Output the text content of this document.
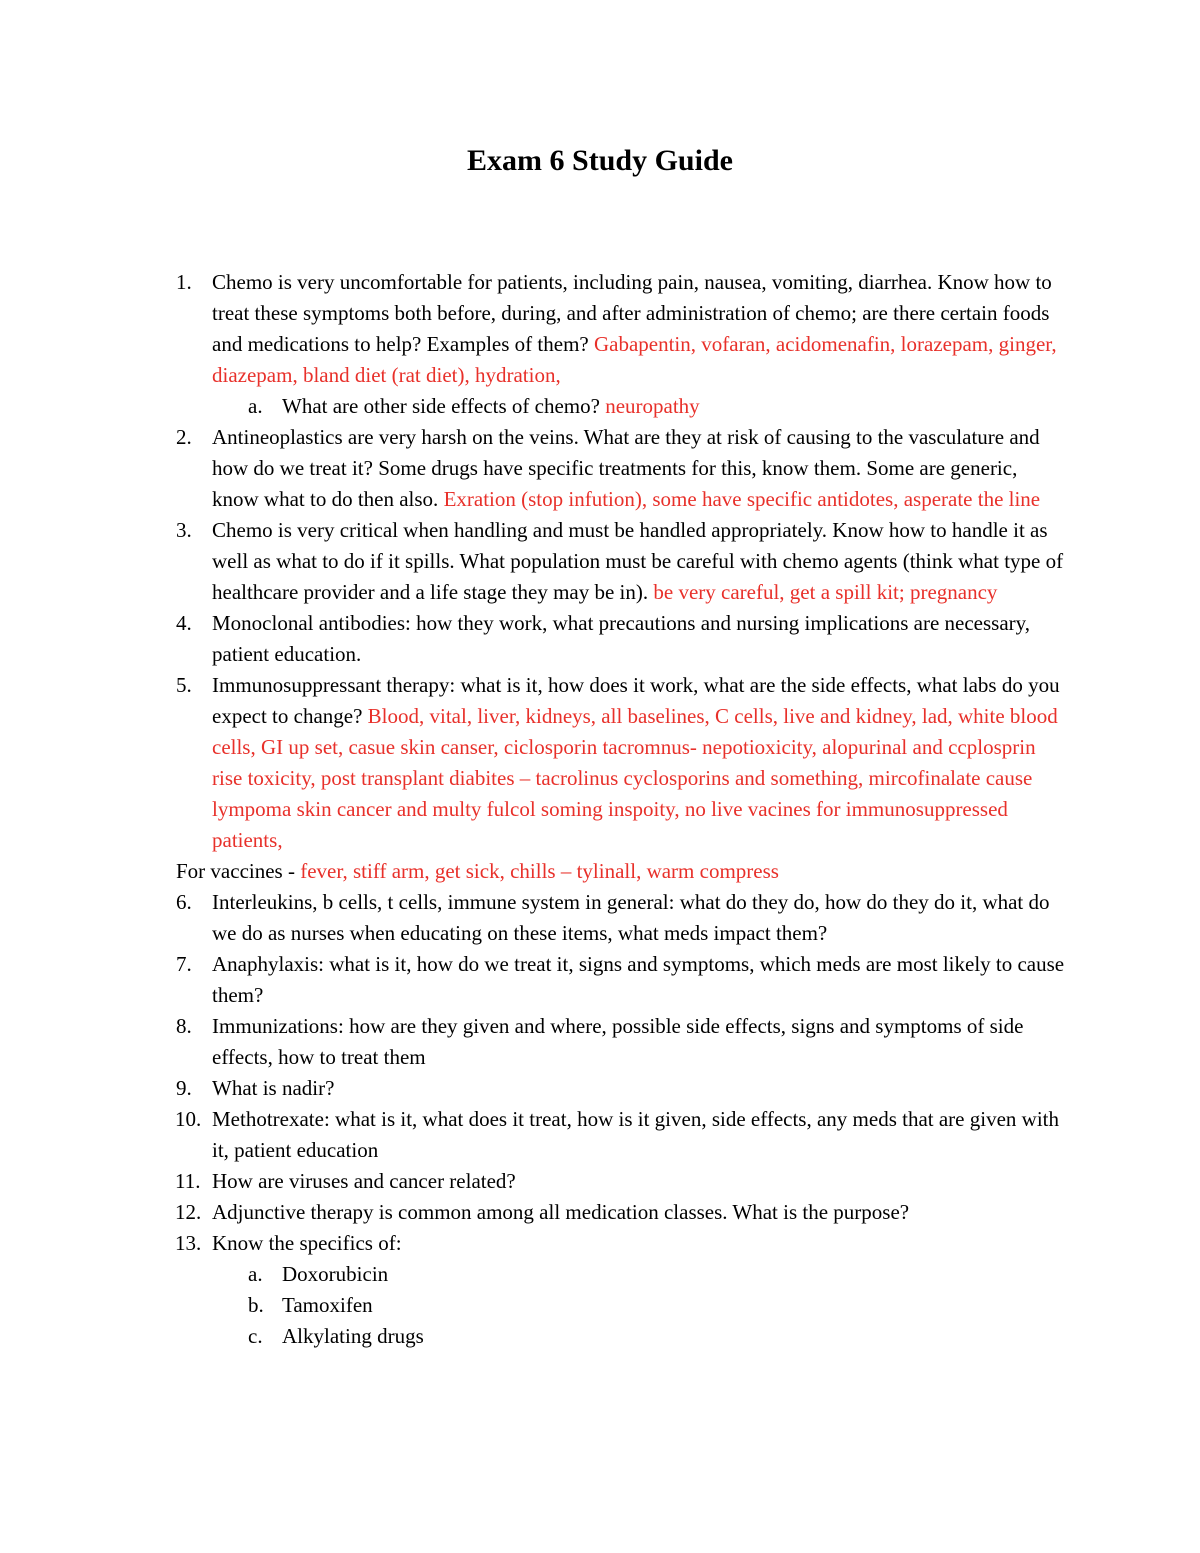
Exam 6 Study Guide
1. Chemo is very uncomfortable for patients, including pain, nausea, vomiting, diarrhea. Know how to treat these symptoms both before, during, and after administration of chemo; are there certain foods and medications to help? Examples of them? Gabapentin, vofaran, acidomenafin, lorazepam, ginger, diazepam, bland diet (rat diet), hydration,
a. What are other side effects of chemo? neuropathy
2. Antineoplastics are very harsh on the veins. What are they at risk of causing to the vasculature and how do we treat it? Some drugs have specific treatments for this, know them. Some are generic, know what to do then also. Exration (stop infution), some have specific antidotes, asperate the line
3. Chemo is very critical when handling and must be handled appropriately. Know how to handle it as well as what to do if it spills. What population must be careful with chemo agents (think what type of healthcare provider and a life stage they may be in). be very careful, get a spill kit; pregnancy
4. Monoclonal antibodies: how they work, what precautions and nursing implications are necessary, patient education.
5. Immunosuppressant therapy: what is it, how does it work, what are the side effects, what labs do you expect to change? Blood, vital, liver, kidneys, all baselines, C cells, live and kidney, lad, white blood cells, GI up set, casue skin canser, ciclosporin tacromnus- nepotioxicity, alopurinal and ccplosprin rise toxicity, post transplant diabites – tacrolinus cyclosporins and something, mircofinalate cause lympoma skin cancer and multy fulcol soming inspoity, no live vacines for immunosuppressed patients,
For vaccines - fever, stiff arm, get sick, chills – tylinall, warm compress
6. Interleukins, b cells, t cells, immune system in general: what do they do, how do they do it, what do we do as nurses when educating on these items, what meds impact them?
7. Anaphylaxis: what is it, how do we treat it, signs and symptoms, which meds are most likely to cause them?
8. Immunizations: how are they given and where, possible side effects, signs and symptoms of side effects, how to treat them
9. What is nadir?
10. Methotrexate: what is it, what does it treat, how is it given, side effects, any meds that are given with it, patient education
11. How are viruses and cancer related?
12. Adjunctive therapy is common among all medication classes. What is the purpose?
13. Know the specifics of:
a. Doxorubicin
b. Tamoxifen
c. Alkylating drugs
